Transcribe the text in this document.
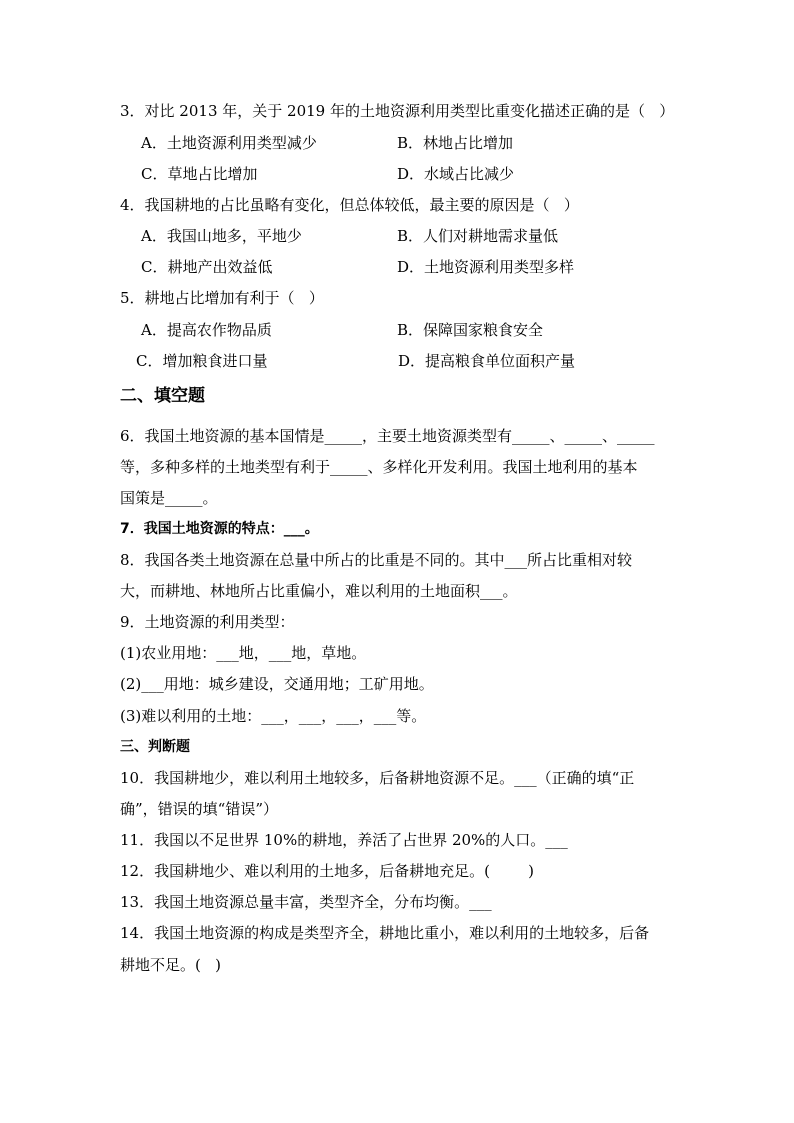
3．对比 2013 年，关于 2019 年的土地资源利用类型比重变化描述正确的是（   ）
A．土地资源利用类型减少	B．林地占比增加
C．草地占比增加	D．水域占比减少
4．我国耕地的占比虽略有变化，但总体较低，最主要的原因是（   ）
A．我国山地多，平地少	B．人们对耕地需求量低
C．耕地产出效益低	D．土地资源利用类型多样
5．耕地占比增加有利于（   ）
A．提高农作物品质	B．保障国家粮食安全
C．增加粮食进口量	D．提高粮食单位面积产量
二、填空题
6．我国土地资源的基本国情是_____，主要土地资源类型有_____、_____、_____
等，多种多样的土地类型有利于_____、多样化开发利用。我国土地利用的基本
国策是_____。
7．我国土地资源的特点：___。
8．我国各类土地资源在总量中所占的比重是不同的。其中___所占比重相对较
大，而耕地、林地所占比重偏小，难以利用的土地面积___。
9．土地资源的利用类型：
(1)农业用地：___地，___地，草地。
(2)___用地：城乡建设，交通用地；工矿用地。
(3)难以利用的土地：___，___，___，___等。
三、判断题
10．我国耕地少，难以利用土地较多，后备耕地资源不足。___（正确的填“正
确”，错误的填“错误”）
11．我国以不足世界 10%的耕地，养活了占世界 20%的人口。___
12．我国耕地少、难以利用的土地多，后备耕地充足。(        )
13．我国土地资源总量丰富，类型齐全，分布均衡。___
14．我国土地资源的构成是类型齐全，耕地比重小，难以利用的土地较多，后备
耕地不足。(   )
